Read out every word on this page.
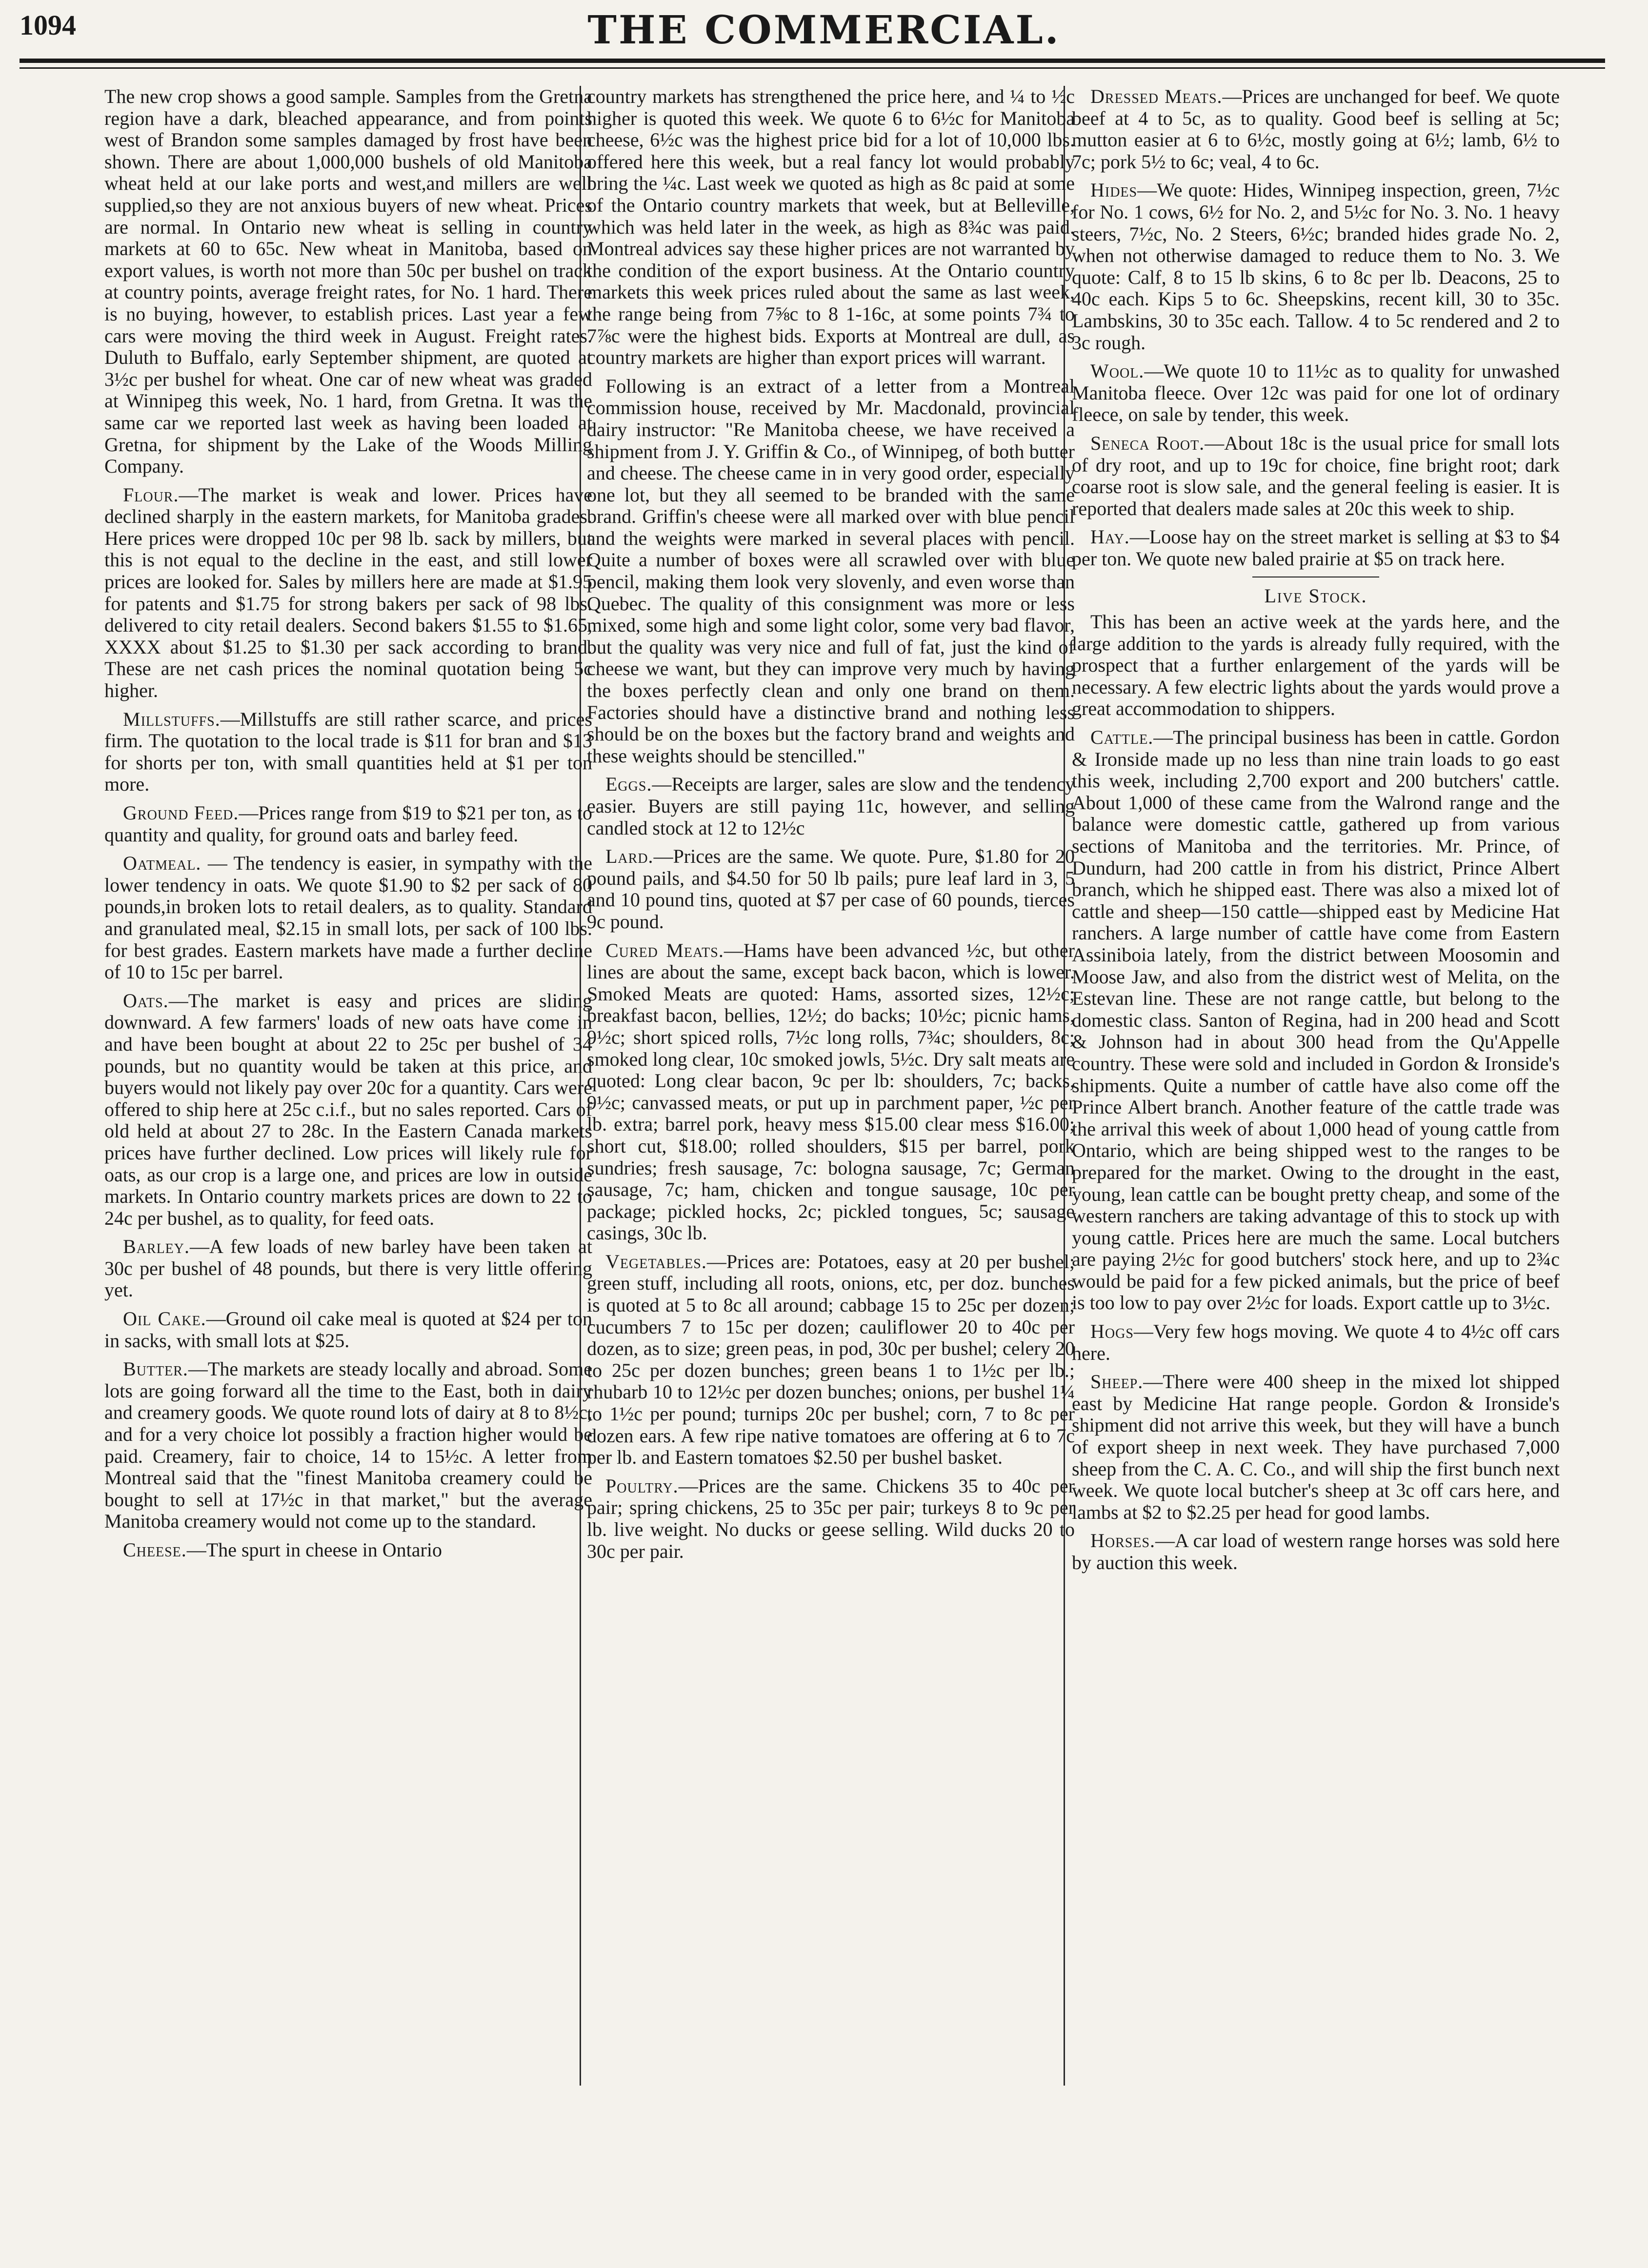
1094	THE COMMERCIAL.

The new crop shows a good sample. Samples from the Gretna region have a dark, bleached appearance, and from points west of Brandon some samples damaged by frost have been shown. There are about 1,000,000 bushels of old Manitoba wheat held at our lake ports and west,and millers are well supplied,so they are not anxious buyers of new wheat. Prices are normal. In Ontario new wheat is selling in country markets at 60 to 65c. New wheat in Manitoba, based on export values, is worth not more than 50c per bushel on track at country points, average freight rates, for No. 1 hard. There is no buying, however, to establish prices. Last year a few cars were moving the third week in August. Freight rates. Duluth to Buffalo, early September shipment, are quoted at 3½c per bushel for wheat. One car of new wheat was graded at Winnipeg this week, No. 1 hard, from Gretna. It was the same car we reported last week as having been loaded at Gretna, for shipment by the Lake of the Woods Milling Company.

Flour.—The market is weak and lower. Prices have declined sharply in the eastern markets, for Manitoba grades. Here prices were dropped 10c per 98 lb. sack by millers, but this is not equal to the decline in the east, and still lower prices are looked for. Sales by millers here are made at $1.95 for patents and $1.75 for strong bakers per sack of 98 lbs. delivered to city retail dealers. Second bakers $1.55 to $1.65, XXXX about $1.25 to $1.30 per sack according to brand. These are net cash prices the nominal quotation being 5c higher.

Millstuffs.—Millstuffs are still rather scarce, and prices firm. The quotation to the local trade is $11 for bran and $13 for shorts per ton, with small quantities held at $1 per ton more.

Ground Feed.—Prices range from $19 to $21 per ton, as to quantity and quality, for ground oats and barley feed.

Oatmeal. — The tendency is easier, in sympathy with the lower tendency in oats. We quote $1.90 to $2 per sack of 80 pounds,in broken lots to retail dealers, as to quality. Standard and granulated meal, $2.15 in small lots, per sack of 100 lbs. for best grades. Eastern markets have made a further decline of 10 to 15c per barrel.

Oats.—The market is easy and prices are sliding downward. A few farmers' loads of new oats have come in and have been bought at about 22 to 25c per bushel of 34 pounds, but no quantity would be taken at this price, and buyers would not likely pay over 20c for a quantity. Cars were offered to ship here at 25c c.i.f., but no sales reported. Cars of old held at about 27 to 28c. In the Eastern Canada markets prices have further declined. Low prices will likely rule for oats, as our crop is a large one, and prices are low in outside markets. In Ontario country markets prices are down to 22 to 24c per bushel, as to quality, for feed oats.

Barley.—A few loads of new barley have been taken at 30c per bushel of 48 pounds, but there is very little offering yet.

Oil Cake.—Ground oil cake meal is quoted at $24 per ton in sacks, with small lots at $25.

Butter.—The markets are steady locally and abroad. Some lots are going forward all the time to the East, both in dairy and creamery goods. We quote round lots of dairy at 8 to 8½c, and for a very choice lot possibly a fraction higher would be paid. Creamery, fair to choice, 14 to 15½c. A letter from Montreal said that the "finest Manitoba creamery could be bought to sell at 17½c in that market," but the average Manitoba creamery would not come up to the standard.

Cheese.—The spurt in cheese in Ontario

country markets has strengthened the price here, and ¼ to ½c higher is quoted this week. We quote 6 to 6½c for Manitoba cheese, 6½c was the highest price bid for a lot of 10,000 lbs. offered here this week, but a real fancy lot would probably bring the ¼c. Last week we quoted as high as 8c paid at some of the Ontario country markets that week, but at Belleville, which was held later in the week, as high as 8¾c was paid. Montreal advices say these higher prices are not warranted by the condition of the export business. At the Ontario country markets this week prices ruled about the same as last week, the range being from 7⅝c to 8 1-16c, at some points 7¾ to 7⅞c were the highest bids. Exports at Montreal are dull, as country markets are higher than export prices will warrant.

Following is an extract of a letter from a Montreal commission house, received by Mr. Macdonald, provincial dairy instructor: "Re Manitoba cheese, we have received a shipment from J. Y. Griffin & Co., of Winnipeg, of both butter and cheese. The cheese came in in very good order, especially one lot, but they all seemed to be branded with the same brand. Griffin's cheese were all marked over with blue pencil and the weights were marked in several places with pencil. Quite a number of boxes were all scrawled over with blue pencil, making them look very slovenly, and even worse than Quebec. The quality of this consignment was more or less mixed, some high and some light color, some very bad flavor, but the quality was very nice and full of fat, just the kind of cheese we want, but they can improve very much by having the boxes perfectly clean and only one brand on them. Factories should have a distinctive brand and nothing less should be on the boxes but the factory brand and weights and these weights should be stencilled."

Eggs.—Receipts are larger, sales are slow and the tendency easier. Buyers are still paying 11c, however, and selling candled stock at 12 to 12½c

Lard.—Prices are the same. We quote. Pure, $1.80 for 20 pound pails, and $4.50 for 50 lb pails; pure leaf lard in 3, 5 and 10 pound tins, quoted at $7 per case of 60 pounds, tierces 9c pound.

Cured Meats.—Hams have been advanced ½c, but other lines are about the same, except back bacon, which is lower. Smoked Meats are quoted: Hams, assorted sizes, 12½c; breakfast bacon, bellies, 12½; do backs; 10½c; picnic hams, 9½c; short spiced rolls, 7½c long rolls, 7¾c; shoulders, 8c; smoked long clear, 10c smoked jowls, 5½c. Dry salt meats are quoted: Long clear bacon, 9c per lb: shoulders, 7c; backs, 9½c; canvassed meats, or put up in parchment paper, ½c per lb. extra; barrel pork, heavy mess $15.00 clear mess $16.00; short cut, $18.00; rolled shoulders, $15 per barrel, pork sundries; fresh sausage, 7c: bologna sausage, 7c; German sausage, 7c; ham, chicken and tongue sausage, 10c per package; pickled hocks, 2c; pickled tongues, 5c; sausage casings, 30c lb.

Vegetables.—Prices are: Potatoes, easy at 20 per bushel; green stuff, including all roots, onions, etc, per doz. bunches is quoted at 5 to 8c all around; cabbage 15 to 25c per dozen; cucumbers 7 to 15c per dozen; cauliflower 20 to 40c per dozen, as to size; green peas, in pod, 30c per bushel; celery 20 to 25c per dozen bunches; green beans 1 to 1½c per lb.; rhubarb 10 to 12½c per dozen bunches; onions, per bushel 1¼ to 1½c per pound; turnips 20c per bushel; corn, 7 to 8c per dozen ears. A few ripe native tomatoes are offering at 6 to 7c per lb. and Eastern tomatoes $2.50 per bushel basket.

Poultry.—Prices are the same. Chickens 35 to 40c per pair; spring chickens, 25 to 35c per pair; turkeys 8 to 9c per lb. live weight. No ducks or geese selling. Wild ducks 20 to 30c per pair.

Dressed Meats.—Prices are unchanged for beef. We quote beef at 4 to 5c, as to quality. Good beef is selling at 5c; mutton easier at 6 to 6½c, mostly going at 6½; lamb, 6½ to 7c; pork 5½ to 6c; veal, 4 to 6c.

Hides—We quote: Hides, Winnipeg inspection, green, 7½c for No. 1 cows, 6½ for No. 2, and 5½c for No. 3. No. 1 heavy steers, 7½c, No. 2 Steers, 6½c; branded hides grade No. 2, when not otherwise damaged to reduce them to No. 3. We quote: Calf, 8 to 15 lb skins, 6 to 8c per lb. Deacons, 25 to 40c each. Kips 5 to 6c. Sheepskins, recent kill, 30 to 35c. Lambskins, 30 to 35c each. Tallow. 4 to 5c rendered and 2 to 3c rough.

Wool.—We quote 10 to 11½c as to quality for unwashed Manitoba fleece. Over 12c was paid for one lot of ordinary fleece, on sale by tender, this week.

Seneca Root.—About 18c is the usual price for small lots of dry root, and up to 19c for choice, fine bright root; dark coarse root is slow sale, and the general feeling is easier. It is reported that dealers made sales at 20c this week to ship.

Hay.—Loose hay on the street market is selling at $3 to $4 per ton. We quote new baled prairie at $5 on track here.

Live Stock.

This has been an active week at the yards here, and the large addition to the yards is already fully required, with the prospect that a further enlargement of the yards will be necessary. A few electric lights about the yards would prove a great accommodation to shippers.

Cattle.—The principal business has been in cattle. Gordon & Ironside made up no less than nine train loads to go east this week, including 2,700 export and 200 butchers' cattle. About 1,000 of these came from the Walrond range and the balance were domestic cattle, gathered up from various sections of Manitoba and the territories. Mr. Prince, of Dundurn, had 200 cattle in from his district, Prince Albert branch, which he shipped east. There was also a mixed lot of cattle and sheep—150 cattle—shipped east by Medicine Hat ranchers. A large number of cattle have come from Eastern Assiniboia lately, from the district between Moosomin and Moose Jaw, and also from the district west of Melita, on the Estevan line. These are not range cattle, but belong to the domestic class. Santon of Regina, had in 200 head and Scott & Johnson had in about 300 head from the Qu'Appelle country. These were sold and included in Gordon & Ironside's shipments. Quite a number of cattle have also come off the Prince Albert branch. Another feature of the cattle trade was the arrival this week of about 1,000 head of young cattle from Ontario, which are being shipped west to the ranges to be prepared for the market. Owing to the drought in the east, young, lean cattle can be bought pretty cheap, and some of the western ranchers are taking advantage of this to stock up with young cattle. Prices here are much the same. Local butchers are paying 2½c for good butchers' stock here, and up to 2¾c would be paid for a few picked animals, but the price of beef is too low to pay over 2½c for loads. Export cattle up to 3½c.

Hogs—Very few hogs moving. We quote 4 to 4½c off cars here.

Sheep.—There were 400 sheep in the mixed lot shipped east by Medicine Hat range people. Gordon & Ironside's shipment did not arrive this week, but they will have a bunch of export sheep in next week. They have purchased 7,000 sheep from the C. A. C. Co., and will ship the first bunch next week. We quote local butcher's sheep at 3c off cars here, and lambs at $2 to $2.25 per head for good lambs.

Horses.—A car load of western range horses was sold here by auction this week.
